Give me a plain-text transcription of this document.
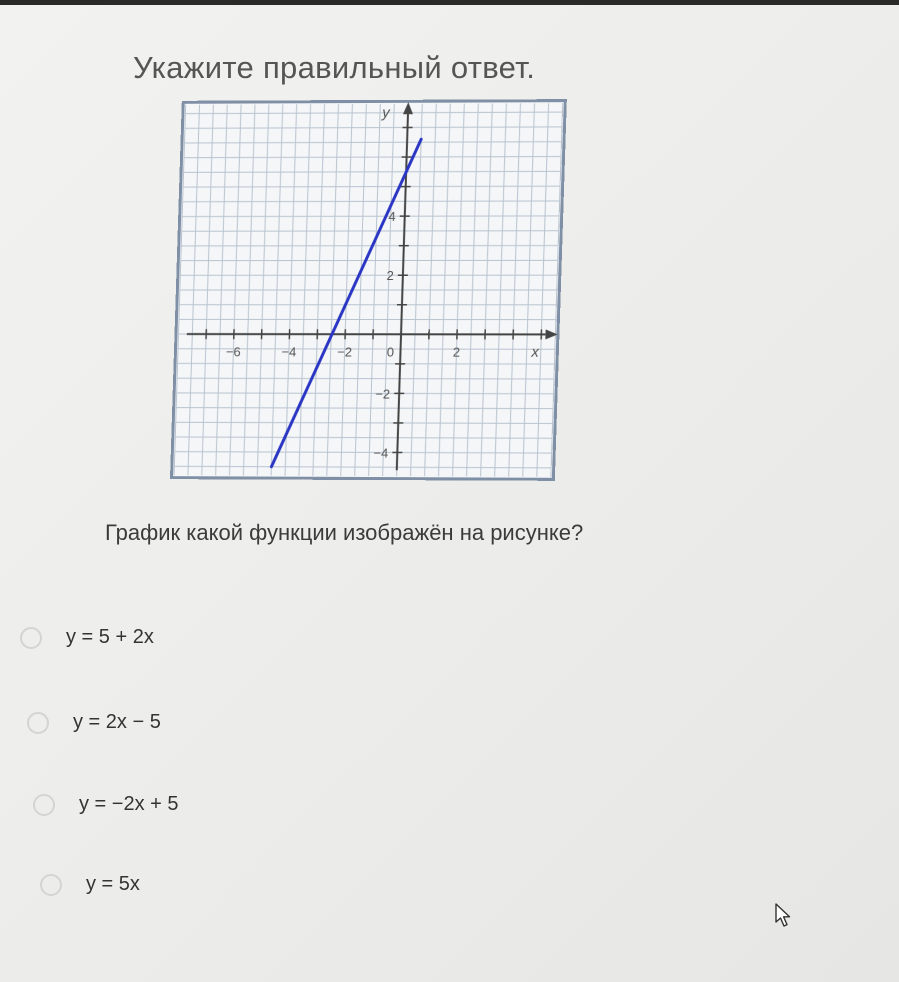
Укажите правильный ответ.
−6	−4	−2	0	2
4
2
−2
−4
x
y
График какой функции изображён на рисунке?
y = 5 + 2x
y = 2x − 5
y = −2x + 5
y = 5x
